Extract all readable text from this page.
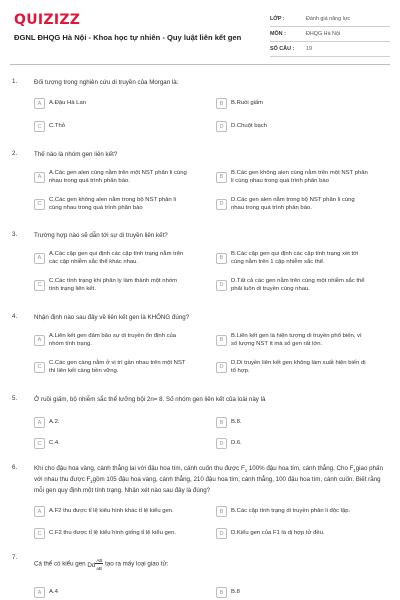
QUIZIZZ
ĐGNL ĐHQG Hà Nội - Khoa học tự nhiên - Quy luật liên kết gen
LỚP :	Đánh giá năng lực
MÔN :	ĐHQG Hà Nội
SỐ CÂU :	19
1.	Đối tượng trong nghiên cứu di truyền của Morgan là:
A	A.Đậu Hà Lan	B	B.Ruồi giấm
C	C.Thỏ	D	D.Chuột bạch
2.	Thế nào là nhóm gen liên kết?
A
A.Các gen alen cùng nằm trên một NST phân li cùng nhau trong quá trình phân bào.
B
B.Các gen không alen cùng nằm trên một NST phân li cùng nhau trong quá trình phân bào
C
C.Các gen không alen nằm trong bộ NST phân li cùng nhau trong quá trình phân bào
D
D.Các gen alen nằm trong bộ NST phân li cùng nhau trong quá trình phân bào.
3.	Trường hợp nào sẽ dẫn tới sự di truyền liên kết?
A
A.Các cặp gen qui định các cặp tính trạng nằm trên các cặp nhiễm sắc thể khác nhau.
B
B.Các cặp gen qui định các cặp tính trạng xét tới cùng nằm trên 1 cặp nhiễm sắc thể.
C
C.Các tính trạng khi phân ly làm thành một nhóm tính trạng liên kết.
D
D.Tất cả các gen nằm trên cùng một nhiễm sắc thể phải luôn di truyền cùng nhau.
4.	Nhận định nào sau đây về liên kết gen là KHÔNG đúng?
A
A.Liên kết gen đảm bảo sự di truyền ổn định của nhóm tính trạng.
B
B.Liên kết gen là hiện tượng di truyền phổ biến, vì số lượng NST ít mà số gen rất lớn.
C
C.Các gen càng nằm ở vị trí gần nhau trên một NST thì liên kết càng bền vững.
D
D.Di truyền liên kết gen không làm xuất hiện biến dị tổ hợp.
5.	Ở ruồi giấm, bộ nhiễm sắc thể lưỡng bội 2n= 8. Số nhóm gen liên kết của loài này là
A	A.2.	B	B.8.
C	C.4.	D	D.6.
6.	Khi cho đậu hoa vàng, cánh thẳng lai với đậu hoa tím, cánh cuốn thu được $F_1$ 100% đậu hoa tím, cánh thẳng. Cho $F_1giao$ phấn với nhau thu được $F_2gồm$ 105 đậu hoa vàng, cánh thẳng, 210 đậu hoa tím, cánh thẳng, 100 đậu hoa tím, cánh cuốn. Biết rằng mỗi gen quy định một tính trạng. Nhận xét nào sau đây là đúng?
A	A.F2 thu được tỉ lệ kiểu hình khác tỉ lệ kiểu gen.	B	B.Các cặp tính trạng di truyền phân li độc lập.
C	C.F2 thu được tỉ lệ kiểu hình giống tỉ lệ kiểu gen.	D	D.Kiểu gen của F1 là dị hợp tử đều.
7.
Cá thể có kiểu gen Dd
AB
aB
tạo ra mấy loại giao tử:
A	A.4	B	B.8
